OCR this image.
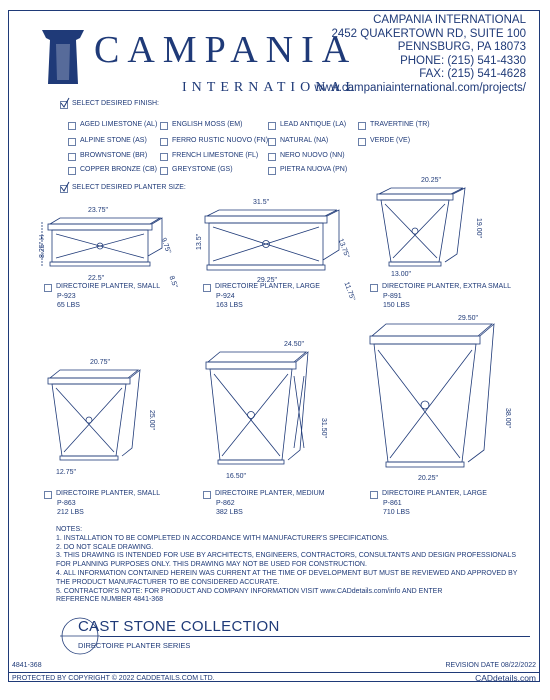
CAMPANIA
INTERNATIONAL
CAMPANIA INTERNATIONAL
2452 QUAKERTOWN RD, SUITE 100
PENNSBURG, PA 18073
PHONE: (215) 541-4330
FAX: (215) 541-4628
www.campaniainternational.com/projects/
SELECT DESIRED FINISH:
AGED LIMESTONE (AL) ENGLISH MOSS (EM)	LEAD ANTIQUE (LA)	TRAVERTINE (TR)
ALPINE STONE (AS)	FERRO RUSTIC NUOVO (FN) NATURAL (NA)	VERDE (VE)
BROWNSTONE (BR)	FRENCH LIMESTONE (FL)	NERO NUOVO (NN)
COPPER BRONZE (CB) GREYSTONE (GS)	PIETRA NUOVA (PN)
SELECT DESIRED PLANTER SIZE:
23.75"
8.25" H	9.75"
22.5"	8.5"
DIRECTOIRE PLANTER, SMALL
P-923
65 LBS
31.5"
13.5"	13.75"
29.25"
11.75"
DIRECTOIRE PLANTER, LARGE
P-924
163 LBS
20.25"
19.00"
13.00"
DIRECTOIRE PLANTER, EXTRA SMALL
P-891
150 LBS
20.75"
25.00"
12.75"
DIRECTOIRE PLANTER, SMALL
P-863
212 LBS
24.50"
31.50"
16.50"
DIRECTOIRE PLANTER, MEDIUM
P-862
382 LBS
29.50"
38.00"
20.25"
DIRECTOIRE PLANTER, LARGE
P-861
710 LBS
NOTES:
1. INSTALLATION TO BE COMPLETED IN ACCORDANCE WITH MANUFACTURER'S SPECIFICATIONS.
2. DO NOT SCALE DRAWING.
3. THIS DRAWING IS INTENDED FOR USE BY ARCHITECTS, ENGINEERS, CONTRACTORS, CONSULTANTS AND DESIGN PROFESSIONALS
FOR PLANNING PURPOSES ONLY. THIS DRAWING MAY NOT BE USED FOR CONSTRUCTION.
4. ALL INFORMATION CONTAINED HEREIN WAS CURRENT AT THE TIME OF DEVELOPMENT BUT MUST BE REVIEWED AND APPROVED BY
THE PRODUCT MANUFACTURER TO BE CONSIDERED ACCURATE.
5. CONTRACTOR'S NOTE: FOR PRODUCT AND COMPANY INFORMATION VISIT www.CADdetails.com/info AND ENTER
REFERENCE NUMBER 4841-368
CAST STONE COLLECTION
DIRECTOIRE PLANTER SERIES
4841-368	REVISION DATE 08/22/2022
PROTECTED BY COPYRIGHT © 2022 CADDETAILS.COM LTD.	CADdetails.com
